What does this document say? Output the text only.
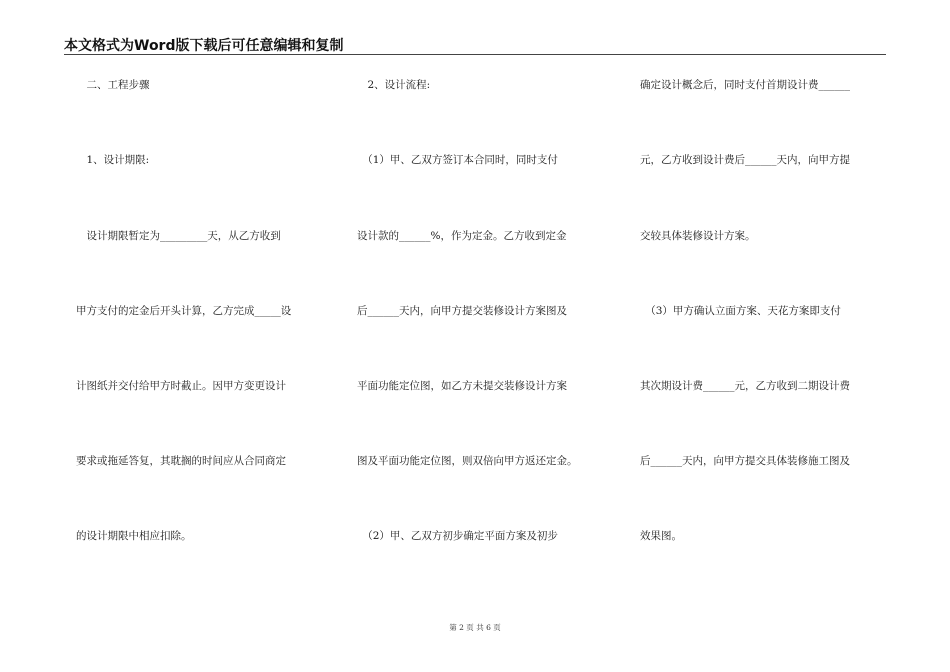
本文格式为Word版下载后可任意编辑和复制
　二、工程步骤
　1、设计期限:
　设计期限暂定为_________天，从乙方收到
甲方支付的定金后开头计算，乙方完成_____设
计图纸并交付给甲方时截止。因甲方变更设计
要求或拖延答复，其耽搁的时间应从合同商定
的设计期限中相应扣除。
　2、设计流程:
　（1）甲、乙双方签订本合同时，同时支付
设计款的______%，作为定金。乙方收到定金
后______天内，向甲方提交装修设计方案图及
平面功能定位图，如乙方未提交装修设计方案
图及平面功能定位图，则双倍向甲方返还定金。
　（2）甲、乙双方初步确定平面方案及初步
确定设计概念后，同时支付首期设计费______
元，乙方收到设计费后______天内，向甲方提
交较具体装修设计方案。
　（3）甲方确认立面方案、天花方案即支付
其次期设计费______元，乙方收到二期设计费
后______天内，向甲方提交具体装修施工图及
效果图。
第 2 页 共 6 页
